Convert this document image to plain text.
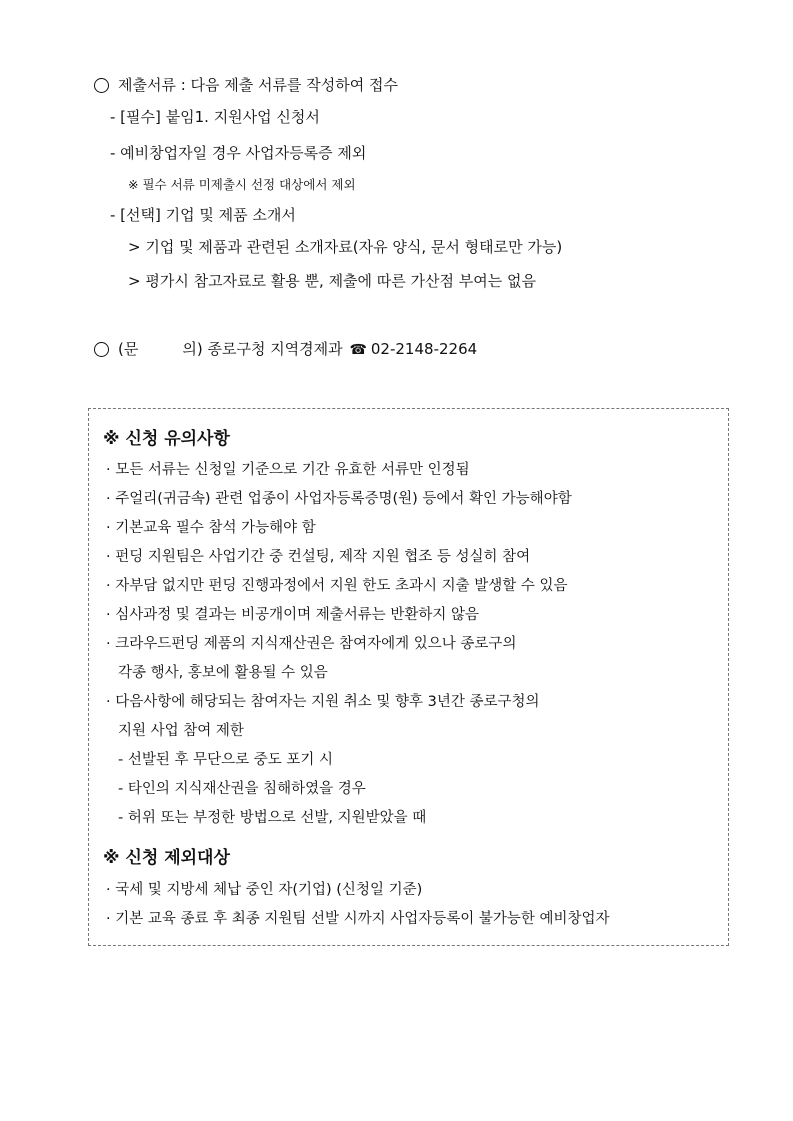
제출서류 : 다음 제출 서류를 작성하여 접수
- [필수] 붙임1. 지원사업 신청서
- 예비창업자일 경우 사업자등록증 제외
※ 필수 서류 미제출시 선정 대상에서 제외
- [선택] 기업 및 제품 소개서
> 기업 및 제품과 관련된 소개자료(자유 양식, 문서 형태로만 가능)
> 평가시 참고자료로 활용 뿐, 제출에 따른 가산점 부여는 없음
(문	의) 종로구청 지역경제과 ☎ 02-2148-2264
※ 신청 유의사항
· 모든 서류는 신청일 기준으로 기간 유효한 서류만 인정됨
· 주얼리(귀금속) 관련 업종이 사업자등록증명(원) 등에서 확인 가능해야함
· 기본교육 필수 참석 가능해야 함
· 펀딩 지원팀은 사업기간 중 컨설팅, 제작 지원 협조 등 성실히 참여
· 자부담 없지만 펀딩 진행과정에서 지원 한도 초과시 지출 발생할 수 있음
· 심사과정 및 결과는 비공개이며 제출서류는 반환하지 않음
· 크라우드펀딩 제품의 지식재산권은 참여자에게 있으나 종로구의
각종 행사, 홍보에 활용될 수 있음
· 다음사항에 해당되는 참여자는 지원 취소 및 향후 3년간 종로구청의
지원 사업 참여 제한
- 선발된 후 무단으로 중도 포기 시
- 타인의 지식재산권을 침해하였을 경우
- 허위 또는 부정한 방법으로 선발, 지원받았을 때
※ 신청 제외대상
· 국세 및 지방세 체납 중인 자(기업) (신청일 기준)
· 기본 교육 종료 후 최종 지원팀 선발 시까지 사업자등록이 불가능한 예비창업자
